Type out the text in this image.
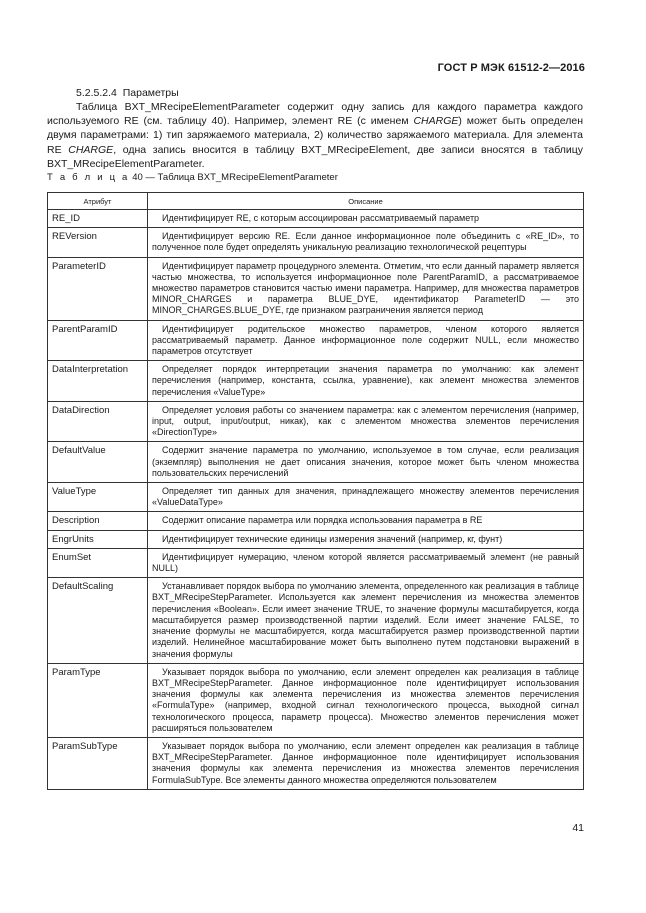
ГОСТ Р МЭК 61512-2—2016
5.2.5.2.4 Параметры

Таблица BXT_MRecipeElementParameter содержит одну запись для каждого параметра каждого используемого RE (см. таблицу 40). Например, элемент RE (с именем CHARGE) может быть определен двумя параметрами: 1) тип заряжаемого материала, 2) количество заряжаемого материала. Для элемента RE CHARGE, одна запись вносится в таблицу BXT_MRecipeElement, две записи вносятся в таблицу BXT_MRecipeElementParameter.

Т а б л и ц а 40 — Таблица BXT_MRecipeElementParameter
Атрибут	Описание
RE_ID	Идентифицирует RE, с которым ассоциирован рассматриваемый параметр

REVersion	Идентифицирует версию RE. Если данное информационное поле объединить с «RE_ID», то полученное поле будет определять уникальную реализацию технологической рецептуры

ParameterID	Идентифицирует параметр процедурного элемента. Отметим, что если данный параметр является частью множества, то используется информационное поле ParentParamID, а рассматриваемое множество параметров становится частью имени параметра. Например, для множества параметров MINOR_CHARGES и параметра BLUE_DYE, идентификатор ParameterID — это MINOR_CHARGES.BLUE_DYE, где признаком разграничения является период

ParentParamID	Идентифицирует родительское множество параметров, членом которого является рассматриваемый параметр. Данное информационное поле содержит NULL, если множество параметров отсутствует

DataInterpretation	Определяет порядок интерпретации значения параметра по умолчанию: как элемент перечисления (например, константа, ссылка, уравнение), как элемент множества элементов перечисления «ValueType»

DataDirection	Определяет условия работы со значением параметра: как с элементом перечисления (например, input, output, input/output, никак), как с элементом множества элементов перечисления «DirectionType»

DefaultValue	Содержит значение параметра по умолчанию, используемое в том случае, если реализация (экземпляр) выполнения не дает описания значения, которое может быть членом множества пользовательских перечислений

ValueType	Определяет тип данных для значения, принадлежащего множеству элементов перечисления «ValueDataType»

Description	Содержит описание параметра или порядка использования параметра в RE

EngrUnits	Идентифицирует технические единицы измерения значений (например, кг, фунт)

EnumSet	Идентифицирует нумерацию, членом которой является рассматриваемый элемент (не равный NULL)

DefaultScaling	Устанавливает порядок выбора по умолчанию элемента, определенного как реализация в таблице BXT_MRecipeStepParameter. Используется как элемент перечисления из множества элементов перечисления «Boolean». Если имеет значение TRUE, то значение формулы масштабируется, когда масштабируется размер производственной партии изделий. Если имеет значение FALSE, то значение формулы не масштабируется, когда масштабируется размер производственной партии изделий. Нелинейное масштабирование может быть выполнено путем подстановки выражений в значения формулы

ParamType	Указывает порядок выбора по умолчанию, если элемент определен как реализация в таблице BXT_MRecipeStepParameter. Данное информационное поле идентифицирует использования значения формулы как элемента перечисления из множества элементов перечисления «FormulaType» (например, входной сигнал технологического процесса, выходной сигнал технологического процесса, параметр процесса). Множество элементов перечисления может расширяться пользователем

ParamSubType	Указывает порядок выбора по умолчанию, если элемент определен как реализация в таблице BXT_MRecipeStepParameter. Данное информационное поле идентифицирует использования значения формулы как элемента перечисления из множества элементов перечисления FormulaSubType. Все элементы данного множества определяются пользователем
41
